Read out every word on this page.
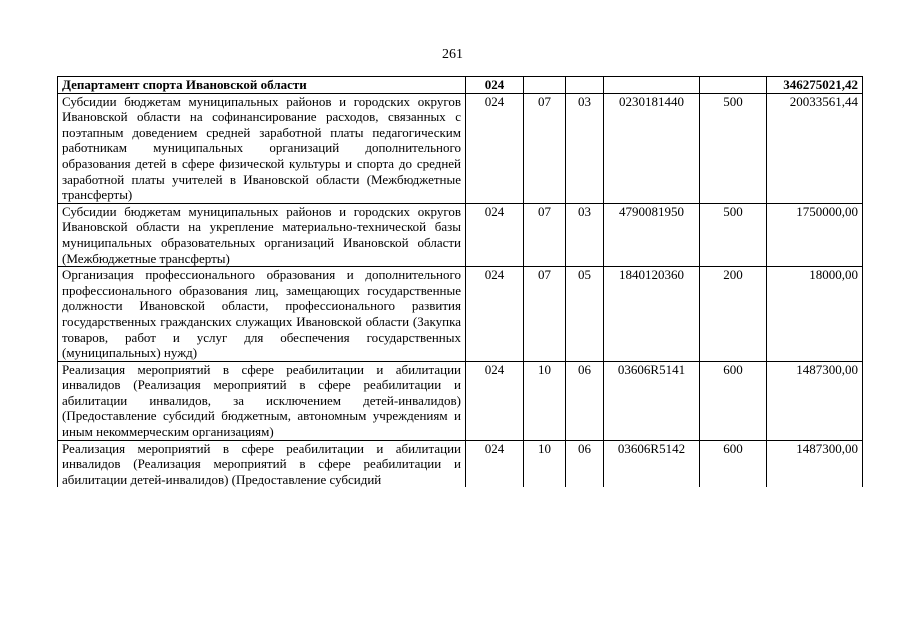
261
Департамент спорта Ивановской области	024					346275021,42
Субсидии бюджетам муниципальных районов и городских округов Ивановской области на софинансирование расходов, связанных с поэтапным доведением средней заработной платы педагогическим работникам муниципальных организаций дополнительного образования детей в сфере физической культуры и спорта до средней заработной платы учителей в Ивановской области (Межбюджетные трансферты)	024	07	03	0230181440	500	20033561,44
Субсидии бюджетам муниципальных районов и городских округов Ивановской области на укрепление материально-технической базы муниципальных образовательных организаций Ивановской области (Межбюджетные трансферты)	024	07	03	4790081950	500	1750000,00
Организация профессионального образования и дополнительного профессионального образования лиц, замещающих государственные должности Ивановской области, профессионального развития государственных гражданских служащих Ивановской области (Закупка товаров, работ и услуг для обеспечения государственных (муниципальных) нужд)	024	07	05	1840120360	200	18000,00
Реализация мероприятий в сфере реабилитации и абилитации инвалидов (Реализация мероприятий в сфере реабилитации и абилитации инвалидов, за исключением детей-инвалидов) (Предоставление субсидий бюджетным, автономным учреждениям и иным некоммерческим организациям)	024	10	06	03606R5141	600	1487300,00
Реализация мероприятий в сфере реабилитации и абилитации инвалидов (Реализация мероприятий в сфере реабилитации и абилитации детей-инвалидов) (Предоставление субсидий	024	10	06	03606R5142	600	1487300,00
